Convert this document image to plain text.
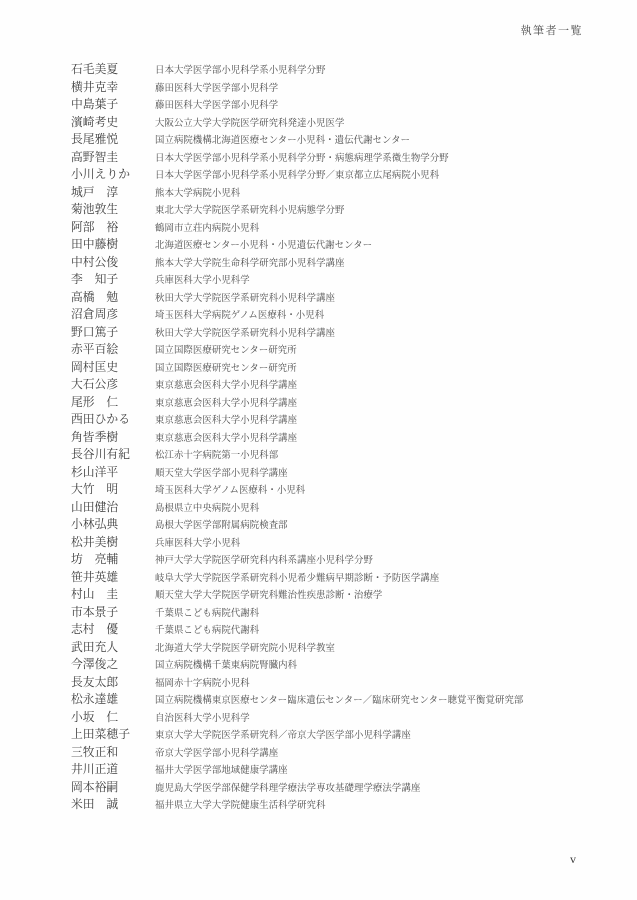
執筆者一覧
石毛美夏	日本大学医学部小児科学系小児科学分野
横井克幸	藤田医科大学医学部小児科学
中島葉子	藤田医科大学医学部小児科学
濱崎考史	大阪公立大学大学院医学研究科発達小児医学
長尾雅悦	国立病院機構北海道医療センター小児科・遺伝代謝センター
高野智圭	日本大学医学部小児科学系小児科学分野・病態病理学系微生物学分野
小川えりか	日本大学医学部小児科学系小児科学分野／東京都立広尾病院小児科
城戸　淳	熊本大学病院小児科
菊池敦生	東北大学大学院医学系研究科小児病態学分野
阿部　裕	鶴岡市立荘内病院小児科
田中藤樹	北海道医療センター小児科・小児遺伝代謝センター
中村公俊	熊本大学大学院生命科学研究部小児科学講座
李　知子	兵庫医科大学小児科学
高橋　勉	秋田大学大学院医学系研究科小児科学講座
沼倉周彦	埼玉医科大学病院ゲノム医療科・小児科
野口篤子	秋田大学大学院医学系研究科小児科学講座
赤平百絵	国立国際医療研究センター研究所
岡村匡史	国立国際医療研究センター研究所
大石公彦	東京慈恵会医科大学小児科学講座
尾形　仁	東京慈恵会医科大学小児科学講座
西田ひかる	東京慈恵会医科大学小児科学講座
角皆季樹	東京慈恵会医科大学小児科学講座
長谷川有紀	松江赤十字病院第一小児科部
杉山洋平	順天堂大学医学部小児科学講座
大竹　明	埼玉医科大学ゲノム医療科・小児科
山田健治	島根県立中央病院小児科
小林弘典	島根大学医学部附属病院検査部
松井美樹	兵庫医科大学小児科
坊　亮輔	神戸大学大学院医学研究科内科系講座小児科学分野
笹井英雄	岐阜大学大学院医学系研究科小児希少難病早期診断・予防医学講座
村山　圭	順天堂大学大学院医学研究科難治性疾患診断・治療学
市本景子	千葉県こども病院代謝科
志村　優	千葉県こども病院代謝科
武田充人	北海道大学大学院医学研究院小児科学教室
今澤俊之	国立病院機構千葉東病院腎臓内科
長友太郎	福岡赤十字病院小児科
松永達雄	国立病院機構東京医療センター臨床遺伝センター／臨床研究センター聴覚平衡覚研究部
小坂　仁	自治医科大学小児科学
上田菜穂子	東京大学大学院医学系研究科／帝京大学医学部小児科学講座
三牧正和	帝京大学医学部小児科学講座
井川正道	福井大学医学部地域健康学講座
岡本裕嗣	鹿児島大学医学部保健学科理学療法学専攻基礎理学療法学講座
米田　誠	福井県立大学大学院健康生活科学研究科
v
